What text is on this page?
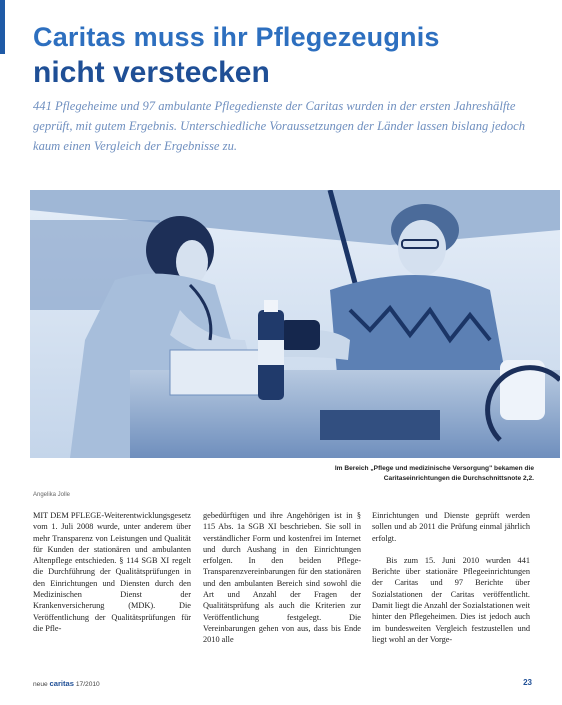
Caritas muss ihr Pflegezeugnis
nicht verstecken
441 Pflegeheime und 97 ambulante Pflegedienste der Caritas wurden in der ersten Jahreshälfte geprüft, mit gutem Ergebnis. Unterschiedliche Voraussetzungen der Länder lassen bislang jedoch kaum einen Vergleich der Ergebnisse zu.
Im Bereich „Pflege und medizinische Versorgung" bekamen die Caritaseinrichtungen die Durchschnittsnote 2,2.
Angelika Jolle

MIT DEM PFLEGE-Weiterentwicklungsgesetz vom 1. Juli 2008 wurde, unter anderem über mehr Transparenz von Leistungen und Qualität für Kunden der stationären und ambulanten Altenpflege entschieden. § 114 SGB XI regelt die Durchführung der Qualitätsprüfungen in den Einrichtungen und Diensten durch den Medizinischen Dienst der Krankenversicherung (MDK). Die Veröffentlichung der Qualitätsprüfungen für die Pfle-

gebedürftigen und ihre Angehörigen ist in § 115 Abs. 1a SGB XI beschrieben. Sie soll in verständlicher Form und kostenfrei im Internet und durch Aushang in den Einrichtungen erfolgen. In den beiden Pflege-Transparenzvereinbarungen für den stationären und den ambulanten Bereich sind sowohl die Art und Anzahl der Fragen der Qualitätsprüfung als auch die Kriterien zur Veröffentlichung festgelegt. Die Vereinbarungen gehen von aus, dass bis Ende 2010 alle

Einrichtungen und Dienste geprüft werden sollen und ab 2011 die Prüfung einmal jährlich erfolgt.

Bis zum 15. Juni 2010 wurden 441 Berichte über stationäre Pflegeeinrichtungen der Caritas und 97 Berichte über Sozialstationen der Caritas veröffentlicht. Damit liegt die Anzahl der Sozialstationen weit hinter den Pflegeheimen. Dies ist jedoch auch im bundesweiten Vergleich festzustellen und liegt wohl an der Vorge-

neue caritas 17/2010	23
